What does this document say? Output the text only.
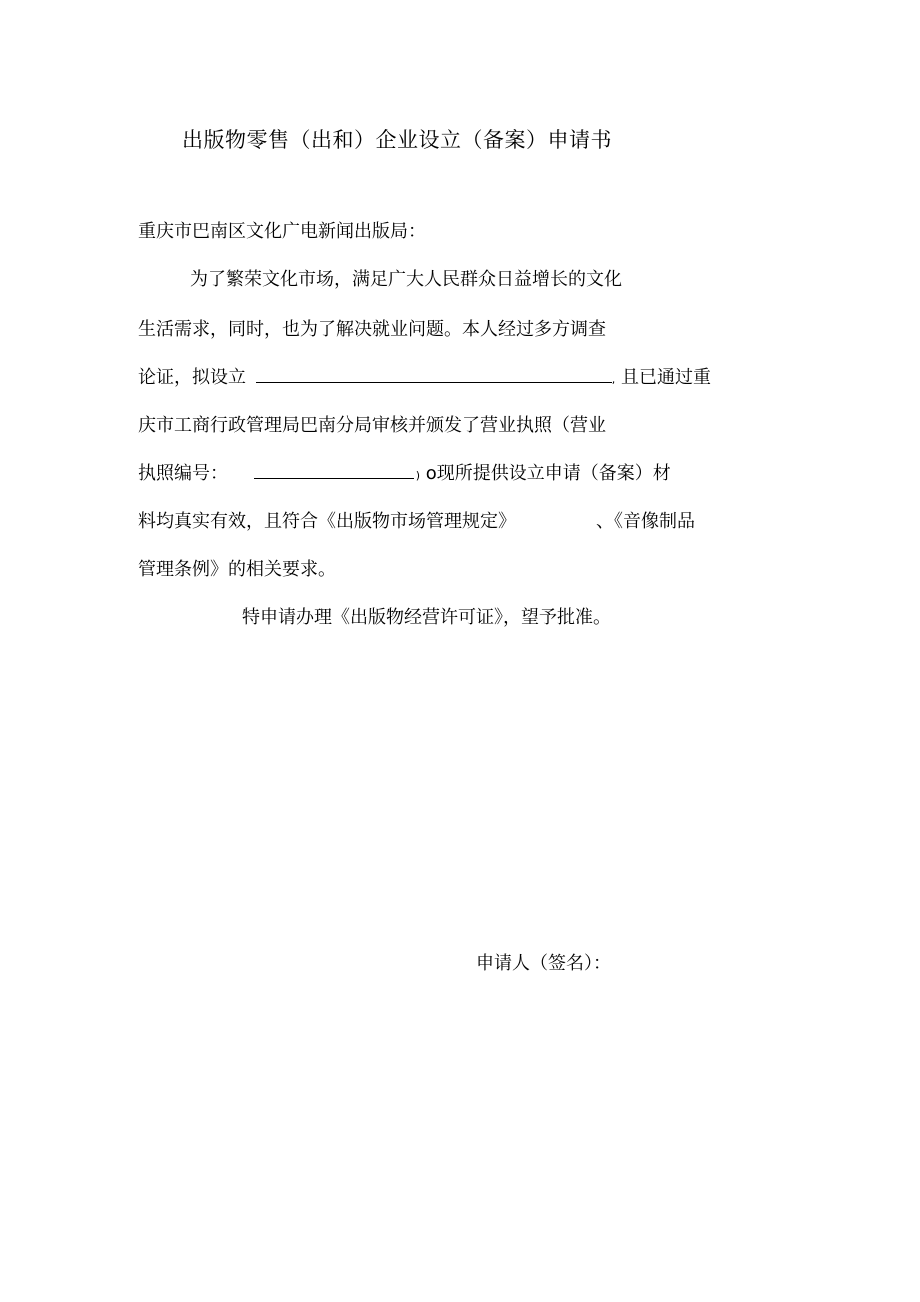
出版物零售（出和）企业设立（备案）申请书
重庆市巴南区文化广电新闻出版局：
为了繁荣文化市场，满足广大人民群众日益增长的文化
生活需求，同时，也为了解决就业问题。本人经过多方调查
论证，拟设立	, 且已通过重
庆市工商行政管理局巴南分局审核并颁发了营业执照（营业
执照编号：	) o现所提供设立申请（备案）材
料均真实有效，且符合《出版物市场管理规定》	、《音像制品
管理条例》的相关要求。
特申请办理《出版物经营许可证》，望予批准。
申请人（签名）：
